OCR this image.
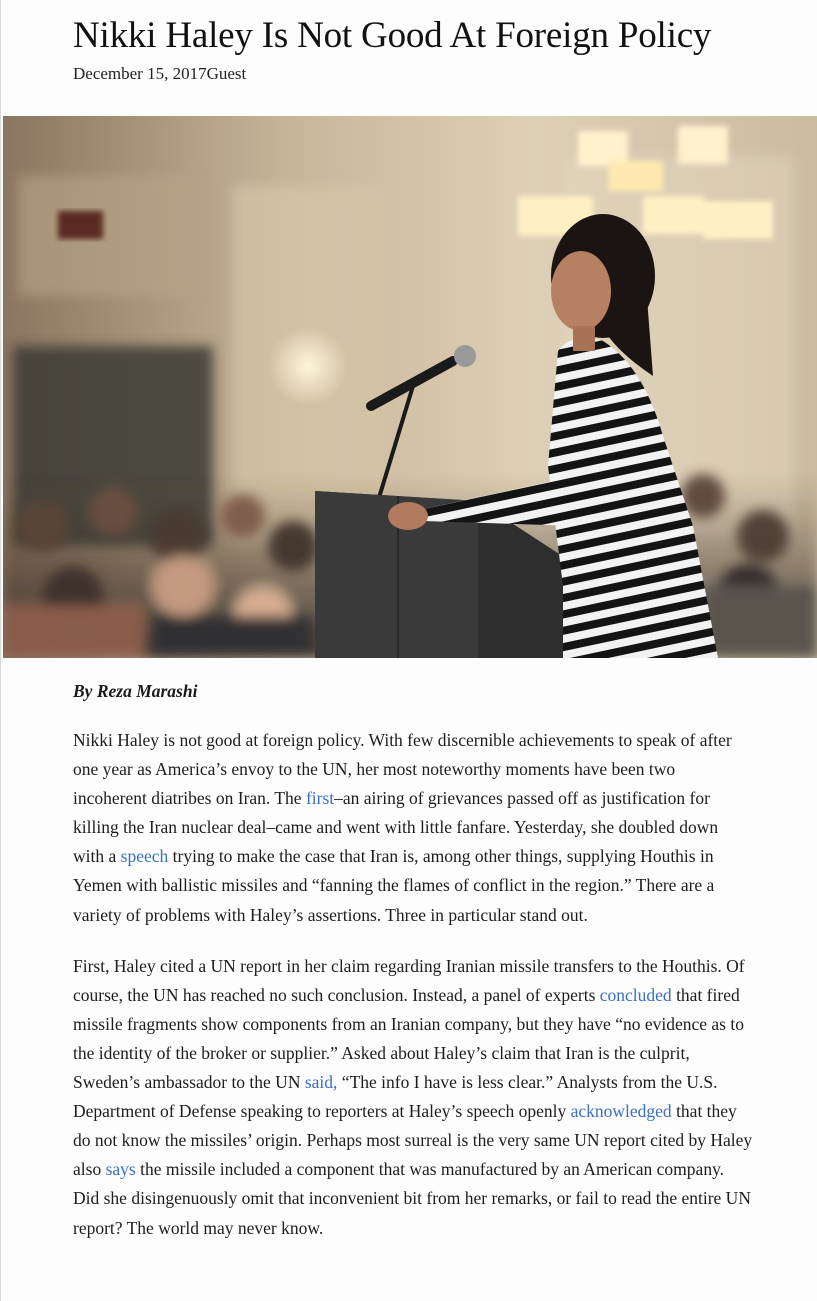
Nikki Haley Is Not Good At Foreign Policy
December 15, 2017Guest
By Reza Marashi

Nikki Haley is not good at foreign policy. With few discernible achievements to speak of after one year as America’s envoy to the UN, her most noteworthy moments have been two incoherent diatribes on Iran. The first–an airing of grievances passed off as justification for killing the Iran nuclear deal–came and went with little fanfare. Yesterday, she doubled down with a speech trying to make the case that Iran is, among other things, supplying Houthis in Yemen with ballistic missiles and “fanning the flames of conflict in the region.” There are a variety of problems with Haley’s assertions. Three in particular stand out.

First, Haley cited a UN report in her claim regarding Iranian missile transfers to the Houthis. Of course, the UN has reached no such conclusion. Instead, a panel of experts concluded that fired missile fragments show components from an Iranian company, but they have “no evidence as to the identity of the broker or supplier.” Asked about Haley’s claim that Iran is the culprit, Sweden’s ambassador to the UN said, “The info I have is less clear.” Analysts from the U.S. Department of Defense speaking to reporters at Haley’s speech openly acknowledged that they do not know the missiles’ origin. Perhaps most surreal is the very same UN report cited by Haley also says the missile included a component that was manufactured by an American company. Did she disingenuously omit that inconvenient bit from her remarks, or fail to read the entire UN report? The world may never know.
